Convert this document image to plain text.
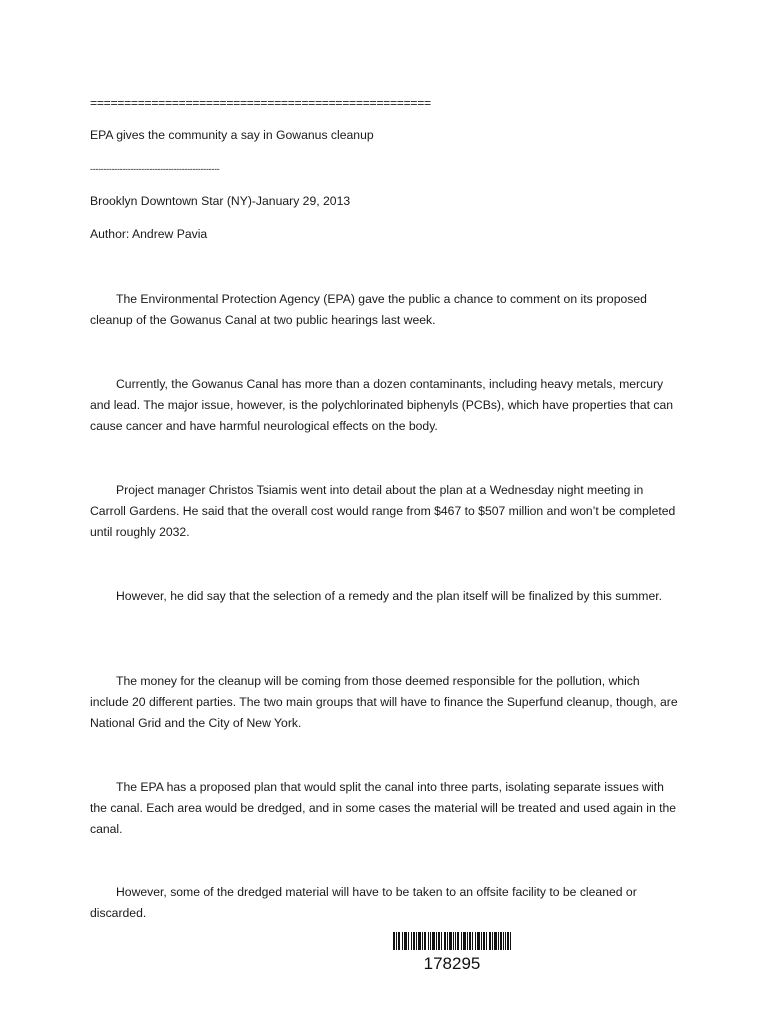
==================================================
EPA gives the community a say in Gowanus cleanup
------------------------------------------------
Brooklyn Downtown Star (NY)-January 29, 2013
Author: Andrew Pavia

The Environmental Protection Agency (EPA) gave the public a chance to comment on its proposed cleanup of the Gowanus Canal at two public hearings last week.

Currently, the Gowanus Canal has more than a dozen contaminants, including heavy metals, mercury and lead. The major issue, however, is the polychlorinated biphenyls (PCBs), which have properties that can cause cancer and have harmful neurological effects on the body.

Project manager Christos Tsiamis went into detail about the plan at a Wednesday night meeting in Carroll Gardens. He said that the overall cost would range from $467 to $507 million and won’t be completed until roughly 2032.

However, he did say that the selection of a remedy and the plan itself will be finalized by this summer.

The money for the cleanup will be coming from those deemed responsible for the pollution, which include 20 different parties. The two main groups that will have to finance the Superfund cleanup, though, are National Grid and the City of New York.

The EPA has a proposed plan that would split the canal into three parts, isolating separate issues with the canal. Each area would be dredged, and in some cases the material will be treated and used again in the canal.

However, some of the dredged material will have to be taken to an offsite facility to be cleaned or discarded.

178295
